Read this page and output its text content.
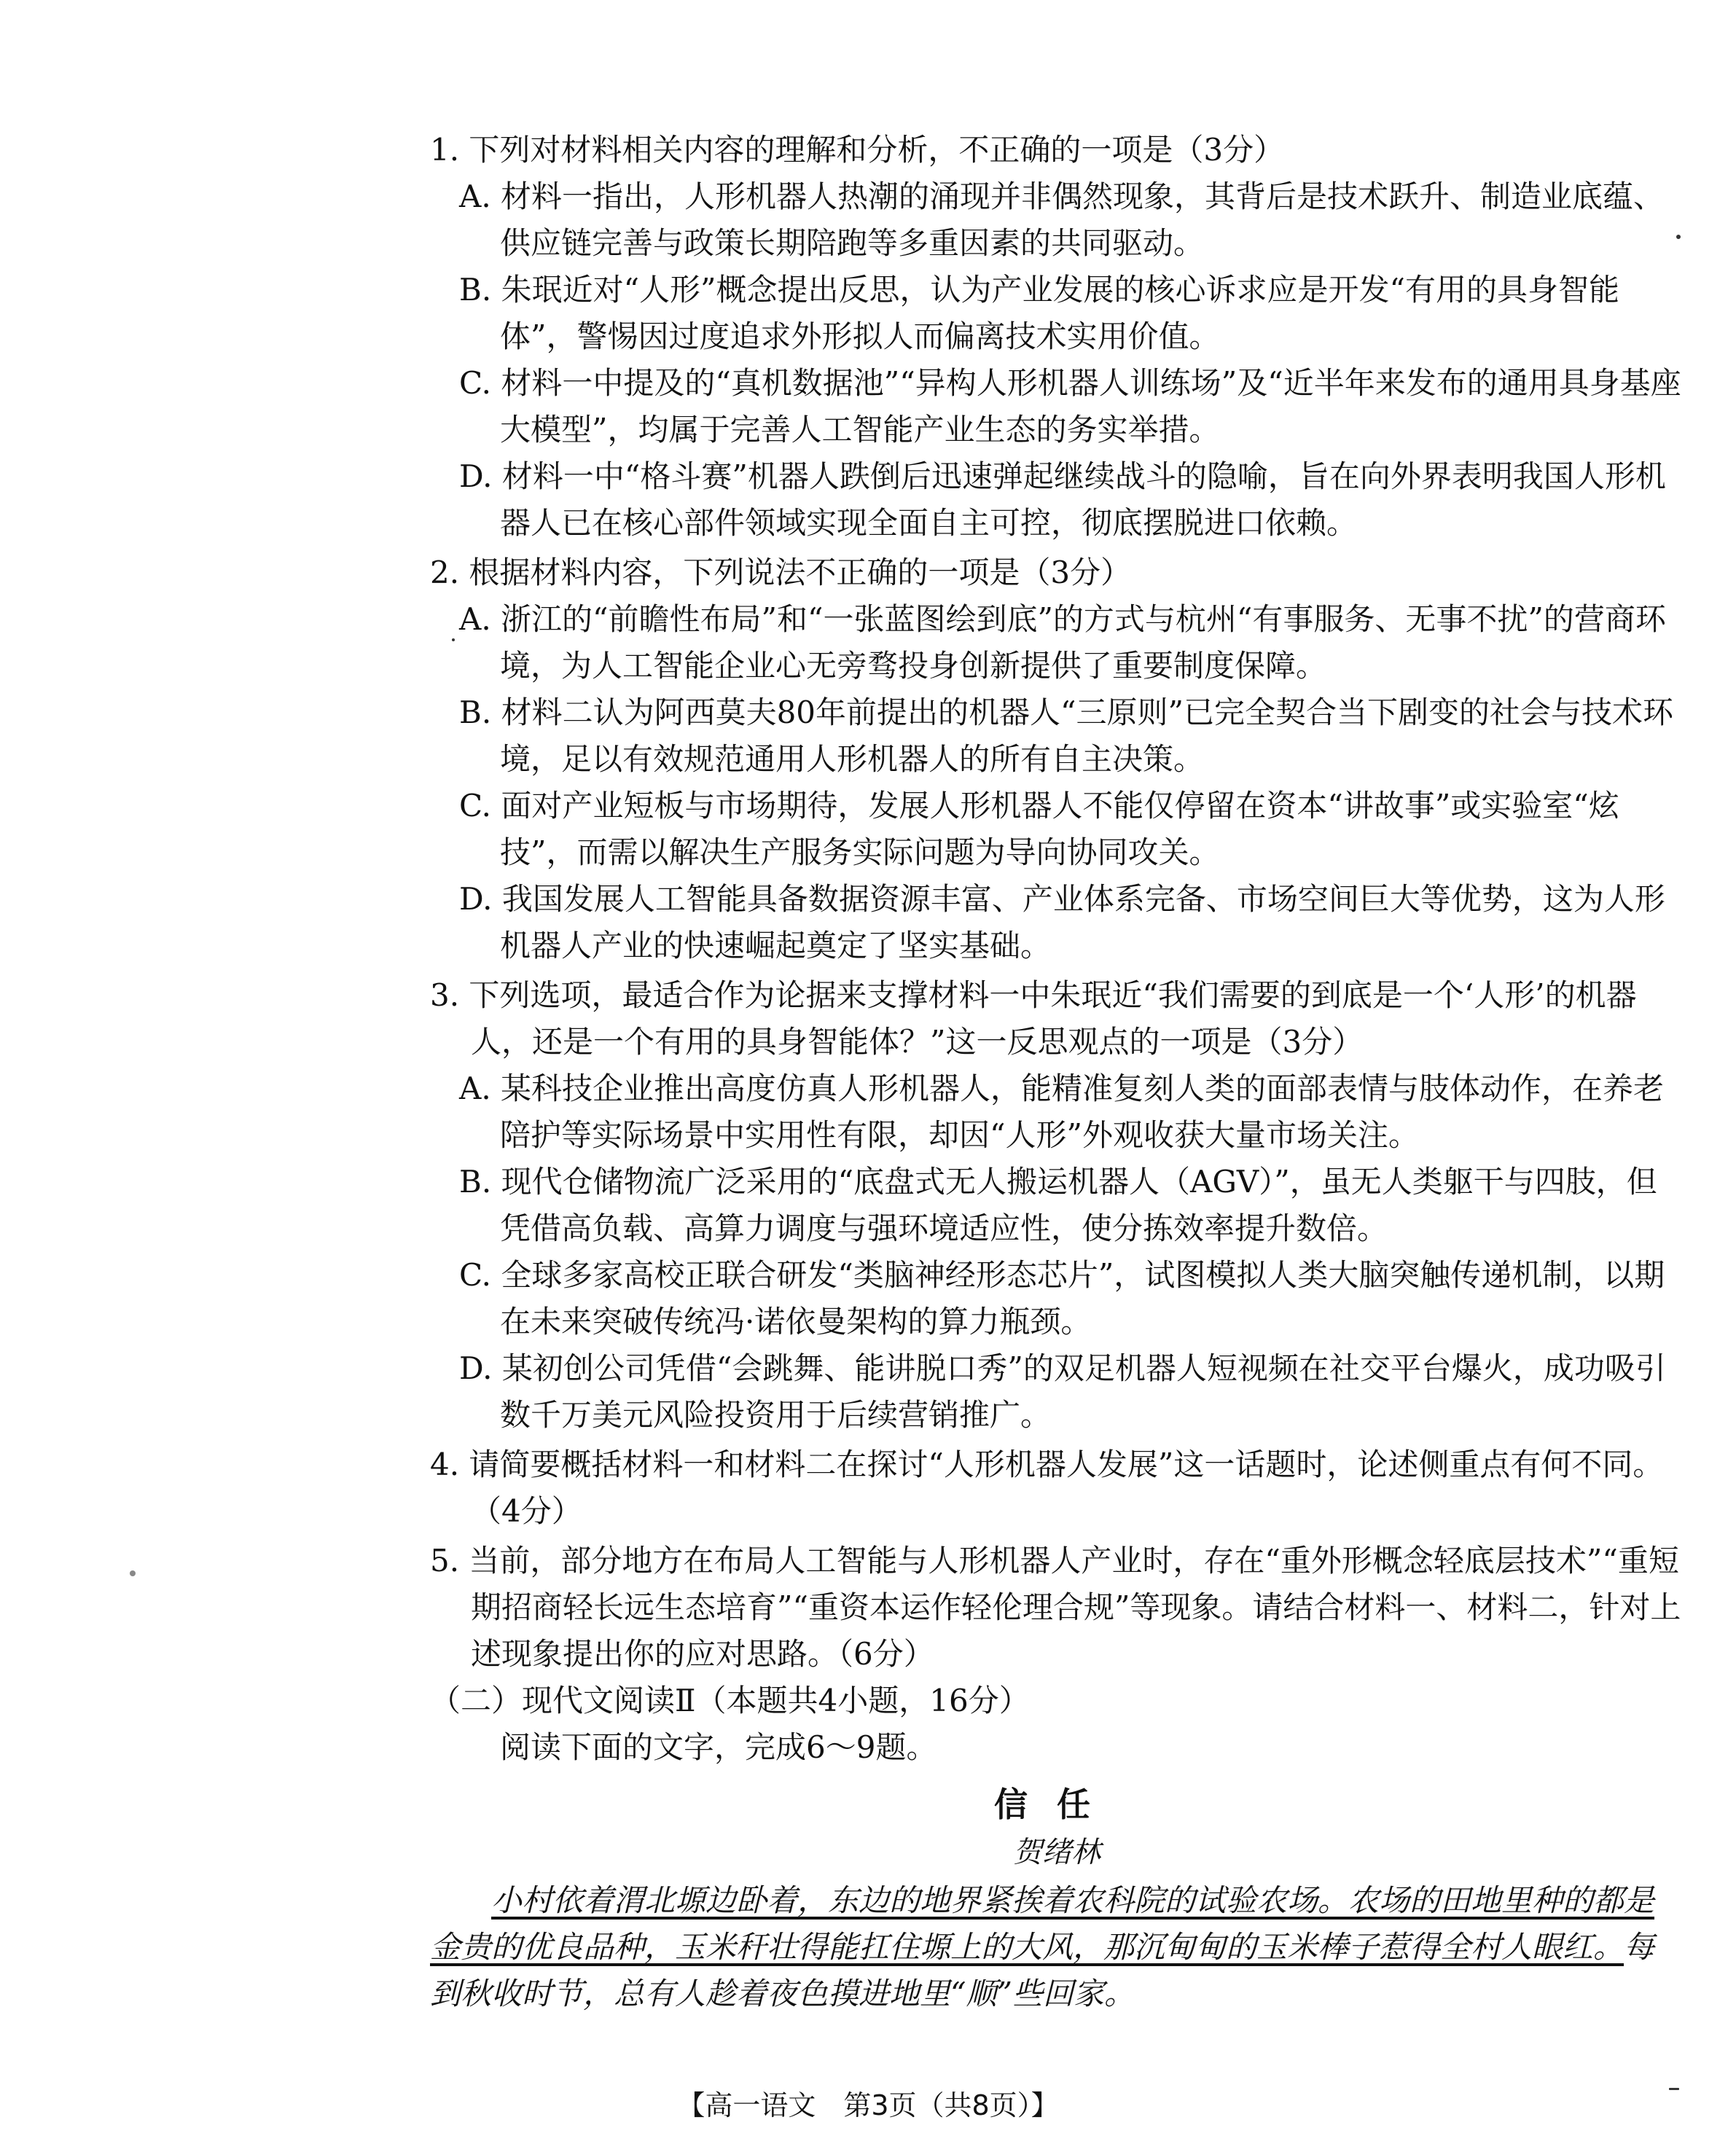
1. 下列对材料相关内容的理解和分析，不正确的一项是（3分）

A. 材料一指出，人形机器人热潮的涌现并非偶然现象，其背后是技术跃升、制造业底蕴、供应链完善与政策长期陪跑等多重因素的共同驱动。

B. 朱珉近对“人形”概念提出反思，认为产业发展的核心诉求应是开发“有用的具身智能体”，警惕因过度追求外形拟人而偏离技术实用价值。

C. 材料一中提及的“真机数据池”“异构人形机器人训练场”及“近半年来发布的通用具身基座大模型”，均属于完善人工智能产业生态的务实举措。

D. 材料一中“格斗赛”机器人跌倒后迅速弹起继续战斗的隐喻，旨在向外界表明我国人形机器人已在核心部件领域实现全面自主可控，彻底摆脱进口依赖。

2. 根据材料内容，下列说法不正确的一项是（3分）

A. 浙江的“前瞻性布局”和“一张蓝图绘到底”的方式与杭州“有事服务、无事不扰”的营商环境，为人工智能企业心无旁骛投身创新提供了重要制度保障。

B. 材料二认为阿西莫夫80年前提出的机器人“三原则”已完全契合当下剧变的社会与技术环境，足以有效规范通用人形机器人的所有自主决策。

C. 面对产业短板与市场期待，发展人形机器人不能仅停留在资本“讲故事”或实验室“炫技”，而需以解决生产服务实际问题为导向协同攻关。

D. 我国发展人工智能具备数据资源丰富、产业体系完备、市场空间巨大等优势，这为人形机器人产业的快速崛起奠定了坚实基础。

3. 下列选项，最适合作为论据来支撑材料一中朱珉近“我们需要的到底是一个‘人形’的机器人，还是一个有用的具身智能体？”这一反思观点的一项是（3分）

A. 某科技企业推出高度仿真人形机器人，能精准复刻人类的面部表情与肢体动作，在养老陪护等实际场景中实用性有限，却因“人形”外观收获大量市场关注。

B. 现代仓储物流广泛采用的“底盘式无人搬运机器人（AGV）”，虽无人类躯干与四肢，但凭借高负载、高算力调度与强环境适应性，使分拣效率提升数倍。

C. 全球多家高校正联合研发“类脑神经形态芯片”，试图模拟人类大脑突触传递机制，以期在未来突破传统冯·诺依曼架构的算力瓶颈。

D. 某初创公司凭借“会跳舞、能讲脱口秀”的双足机器人短视频在社交平台爆火，成功吸引数千万美元风险投资用于后续营销推广。

4. 请简要概括材料一和材料二在探讨“人形机器人发展”这一话题时，论述侧重点有何不同。（4分）

5. 当前，部分地方在布局人工智能与人形机器人产业时，存在“重外形概念轻底层技术”“重短期招商轻长远生态培育”“重资本运作轻伦理合规”等现象。请结合材料一、材料二，针对上述现象提出你的应对思路。（6分）

（二）现代文阅读Ⅱ（本题共4小题，16分）

阅读下面的文字，完成6～9题。

信任

贺绪林

小村依着渭北塬边卧着，东边的地界紧挨着农科院的试验农场。农场的田地里种的都是金贵的优良品种，玉米秆壮得能扛住塬上的大风，那沉甸甸的玉米棒子惹得全村人眼红。每到秋收时节，总有人趁着夜色摸进地里“顺”些回家。

【高一语文　第3页（共8页）】
